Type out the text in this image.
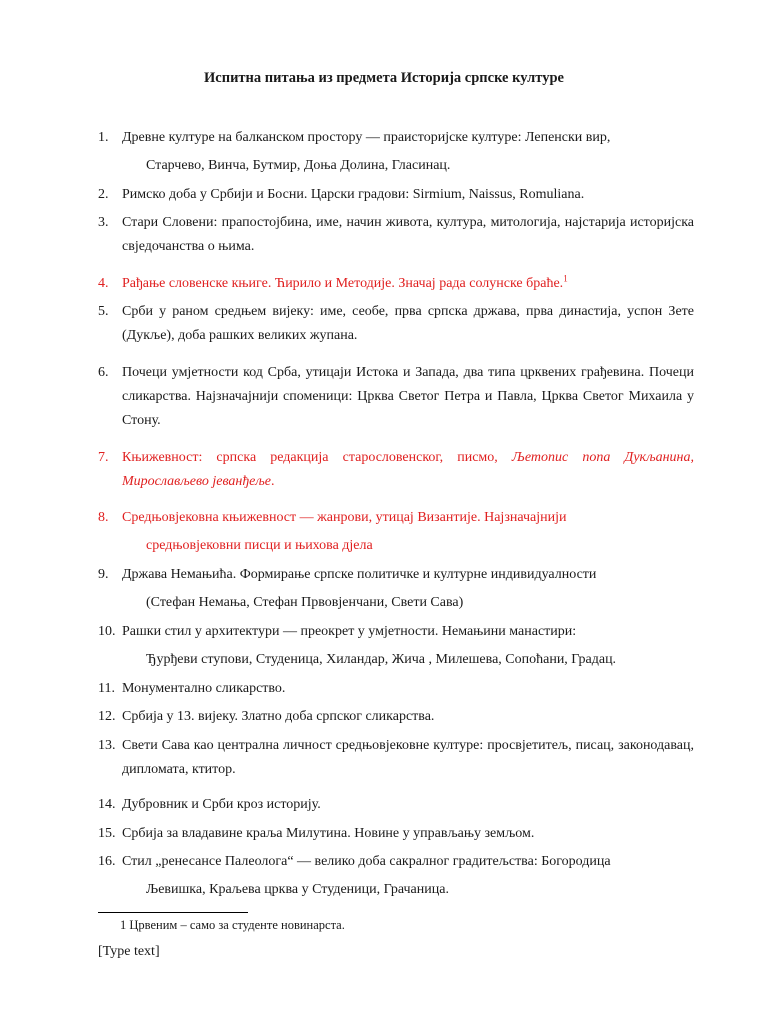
Испитна питања из предмета Историја српске културе
1. Древне културе на балканском простору — праисторијске културе: Лепенски вир,
Старчево, Винча, Бутмир, Доња Долина, Гласинац.
2. Римско доба у Србији и Босни. Царски градови: Sirmium, Naissus, Romuliana.
3. Стари Словени: прапостојбина, име, начин живота, култура, митологија, најстарија историјска свједочанства о њима.
4. Рађање словенске књиге. Ћирило и Методије. Значај рада солунске браће.$^1$
5. Срби у раном средњем вијеку: име, сеобе, прва српска држава, прва династија, успон Зете (Дукље), доба рашких великих жупана.
6. Почеци умјетности код Срба, утицаји Истока и Запада, два типа црквених грађевина. Почеци сликарства. Најзначајнији споменици: Црква Светог Петра и Павла, Црква Светог Михаила у Стону.
7. Књижевност: српска редакција старословенског, писмо, Љетопис попа Дукљанина, Мирослављево јеванђеље.
8. Средњовјековна књижевност — жанрови, утицај Византије. Најзначајнији
средњовјековни писци и њихова дјела
9. Држава Немањића. Формирање српске политичке и културне индивидуалности
(Стефан Немања, Стефан Првовјенчани, Свети Сава)
10. Рашки стил у архитектури — преокрет у умјетности. Немањини манастири:
Ђурђеви ступови, Студеница, Хиландар, Жича , Милешева, Сопоћани, Градац.
11. Монументално сликарство.
12. Србија у 13. вијеку. Златно доба српског сликарства.
13. Свети Сава као централна личност средњовјековне културе: просвјетитељ, писац, законодавац, дипломата, ктитор.
14. Дубровник и Срби кроз историју.
15. Србија за владавине краља Милутина. Новине у управљању земљом.
16. Стил „ренесансе Палеолога“ — велико доба сакралног градитељства: Богородица
Љевишка, Краљева црква у Студеници, Грачаница.
1 Црвеним – само за студенте новинарста.
[Type text]
